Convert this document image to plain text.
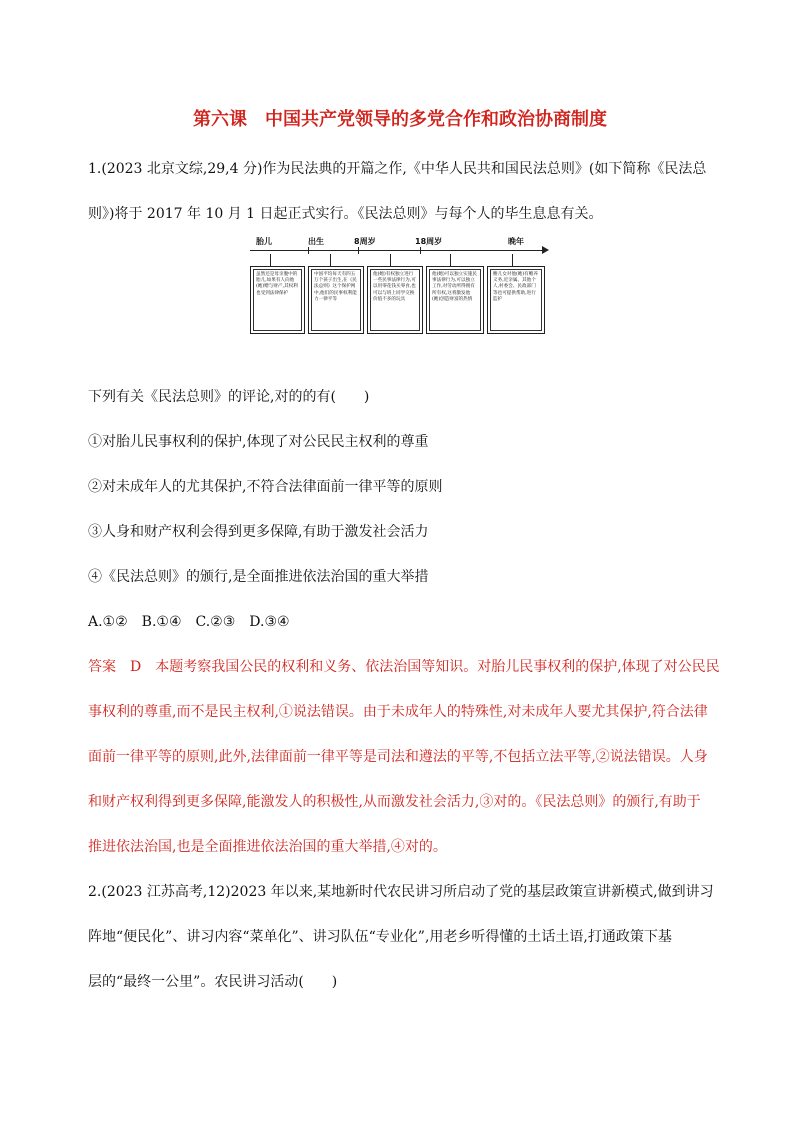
第六课　中国共产党领导的多党合作和政治协商制度
1.(2023 北京文综,29,4 分)作为民法典的开篇之作,《中华人民共和国民法总则》(如下简称《民法总
则》)将于 2017 年 10 月 1 日起正式实行。《民法总则》与每个人的毕生息息有关。
胎儿	出生	8周岁	18周岁	晚年
虽然还是母亲腹中的胎儿,如果有人向他(她)赠与财产,其权利也受到法律保护
中国平均每天有四五万个孩子出生,在《民法总则》这个保护网中,他们的民事权利能力一律平等
他(她)有权独立进行一些民事法律行为,可以用零花钱买零食,也可以与班上同学交换价值不多的玩具
他(她)可以独立实施民事法律行为,可以独立工作,对劳动所得拥有所有权,这将激发他(她)创造财富的热情
赡儿女对他(她)有赡养义务,近亲属、其他个人,村委会、民政部门等也可提供帮助,进行监护
下列有关《民法总则》的评论,对的的有(　　)
①对胎儿民事权利的保护,体现了对公民民主权利的尊重
②对未成年人的尤其保护,不符合法律面前一律平等的原则
③人身和财产权利会得到更多保障,有助于激发社会活力
④《民法总则》的颁行,是全面推进依法治国的重大举措
A.①②　B.①④　C.②③　D.③④
答案　D　本题考察我国公民的权利和义务、依法治国等知识。对胎儿民事权利的保护,体现了对公民民
事权利的尊重,而不是民主权利,①说法错误。由于未成年人的特殊性,对未成年人要尤其保护,符合法律
面前一律平等的原则,此外,法律面前一律平等是司法和遵法的平等,不包括立法平等,②说法错误。人身
和财产权利得到更多保障,能激发人的积极性,从而激发社会活力,③对的。《民法总则》的颁行,有助于
推进依法治国,也是全面推进依法治国的重大举措,④对的。
2.(2023 江苏高考,12)2023 年以来,某地新时代农民讲习所启动了党的基层政策宣讲新模式,做到讲习
阵地“便民化”、讲习内容“菜单化”、讲习队伍“专业化”,用老乡听得懂的土话土语,打通政策下基
层的“最终一公里”。农民讲习活动(　　)
